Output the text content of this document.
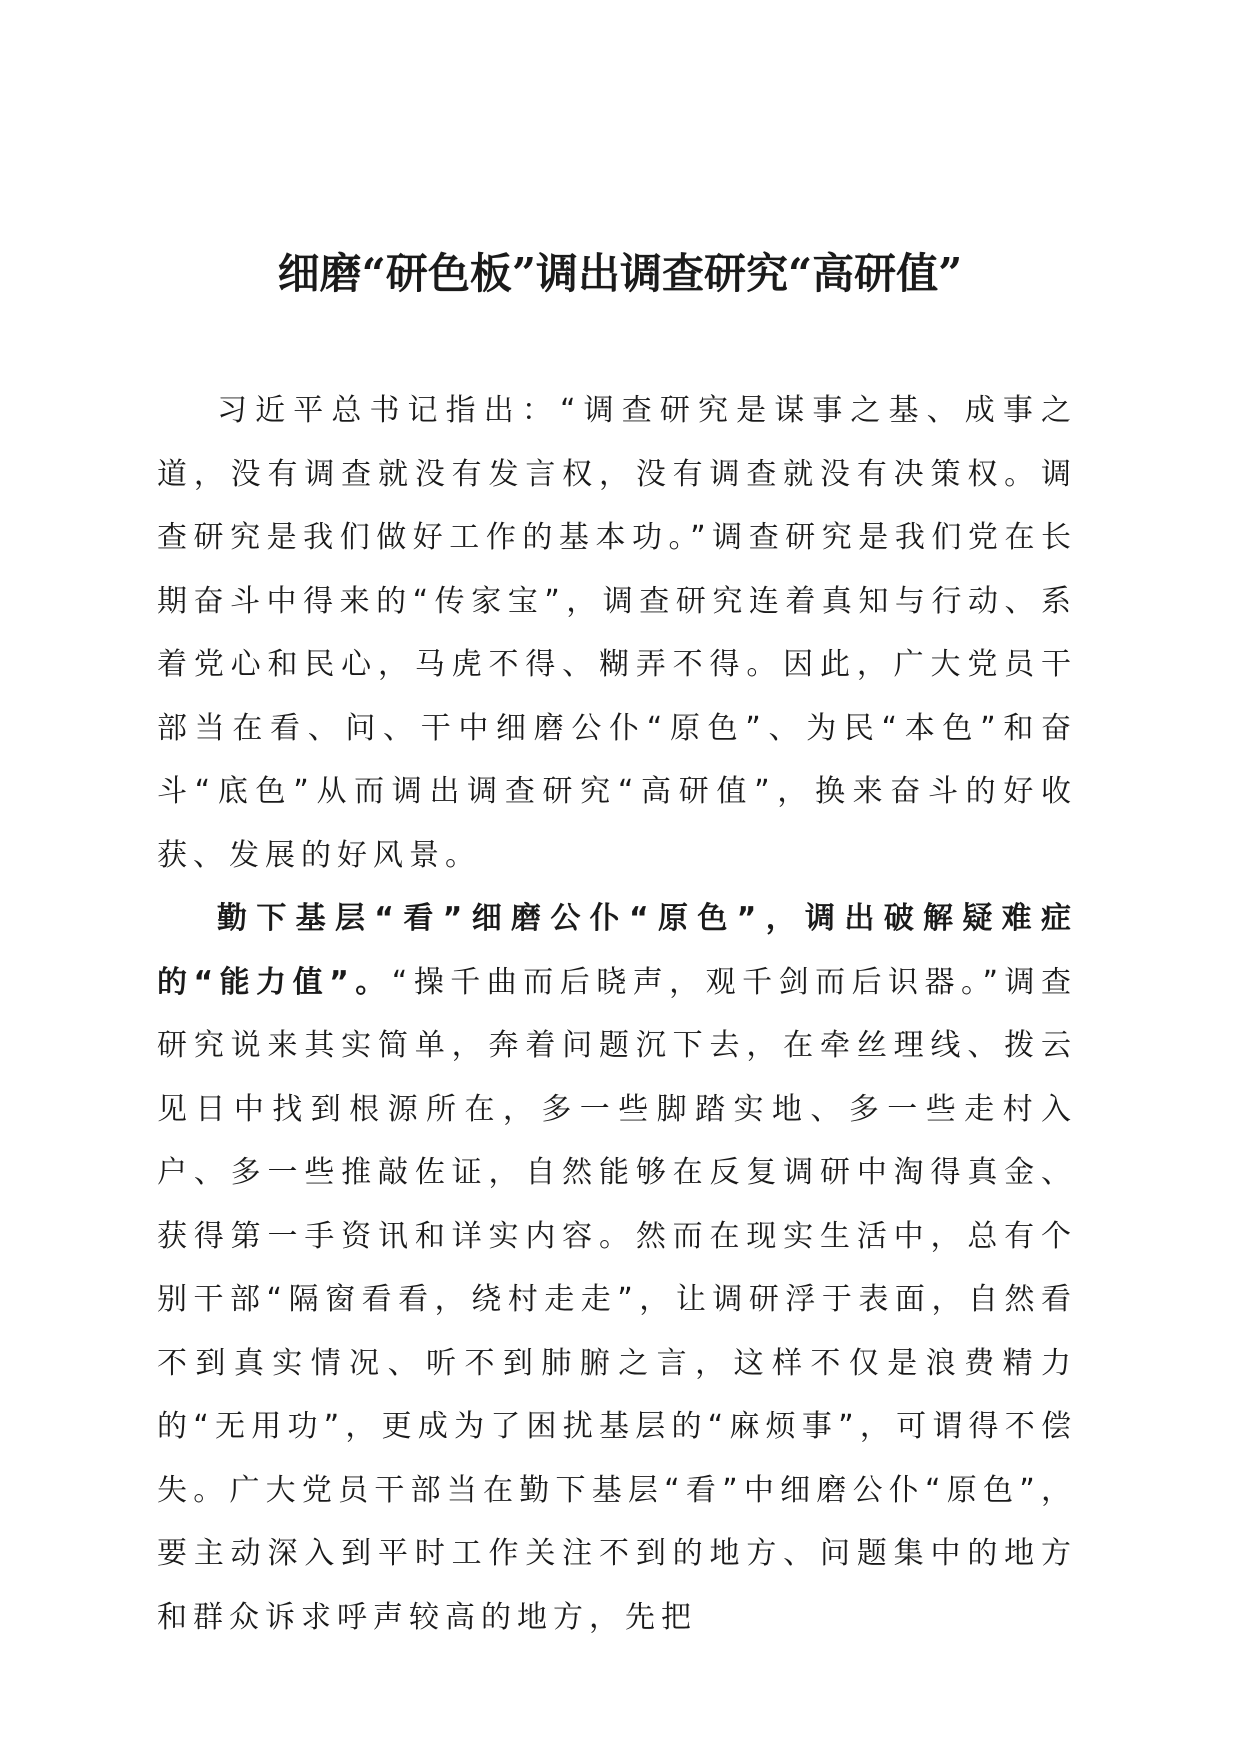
细磨“研色板”调出调查研究“高研值”

习近平总书记指出：“调查研究是谋事之基、成事之道，没有调查就没有发言权，没有调查就没有决策权。调查研究是我们做好工作的基本功。”调查研究是我们党在长期奋斗中得来的“传家宝”，调查研究连着真知与行动、系着党心和民心，马虎不得、糊弄不得。因此，广大党员干部当在看、问、干中细磨公仆“原色”、为民“本色”和奋斗“底色”从而调出调查研究“高研值”，换来奋斗的好收获、发展的好风景。

勤下基层“看”细磨公仆“原色”，调出破解疑难症的“能力值”。“操千曲而后晓声，观千剑而后识器。”调查研究说来其实简单，奔着问题沉下去，在牵丝理线、拨云见日中找到根源所在，多一些脚踏实地、多一些走村入户、多一些推敲佐证，自然能够在反复调研中淘得真金、获得第一手资讯和详实内容。然而在现实生活中，总有个别干部“隔窗看看，绕村走走”，让调研浮于表面，自然看不到真实情况、听不到肺腑之言，这样不仅是浪费精力的“无用功”，更成为了困扰基层的“麻烦事”，可谓得不偿失。广大党员干部当在勤下基层“看”中细磨公仆“原色”，要主动深入到平时工作关注不到的地方、问题集中的地方和群众诉求呼声较高的地方，先把
